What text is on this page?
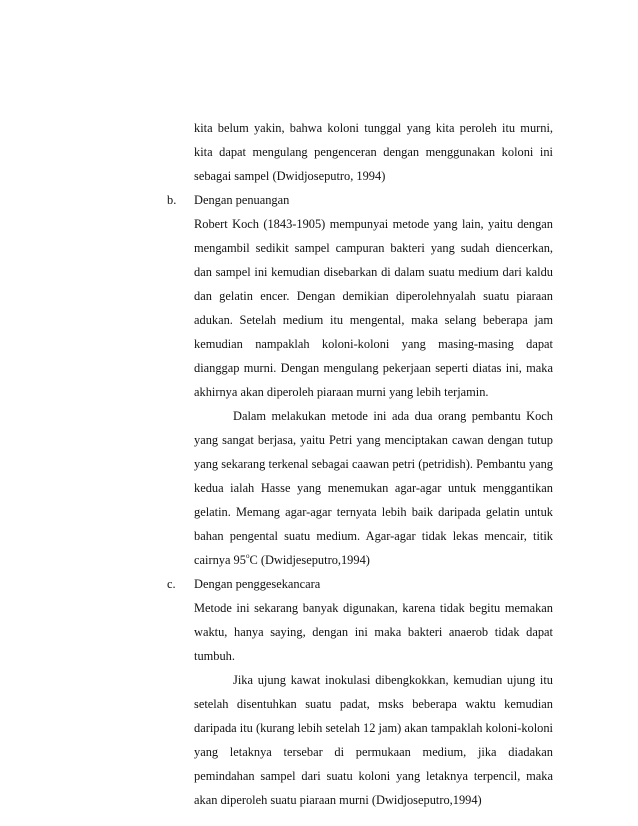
kita belum yakin, bahwa koloni tunggal yang kita peroleh itu murni, kita dapat mengulang pengenceran dengan menggunakan koloni ini sebagai sampel (Dwidjoseputro, 1994)

b. Dengan penuangan

Robert Koch (1843-1905) mempunyai metode yang lain, yaitu dengan mengambil sedikit sampel campuran bakteri yang sudah diencerkan, dan sampel ini kemudian disebarkan di dalam suatu medium dari kaldu dan gelatin encer. Dengan demikian diperolehnyalah suatu piaraan adukan. Setelah medium itu mengental, maka selang beberapa jam kemudian nampaklah koloni-koloni yang masing-masing dapat dianggap murni. Dengan mengulang pekerjaan seperti diatas ini, maka akhirnya akan diperoleh piaraan murni yang lebih terjamin.

Dalam melakukan metode ini ada dua orang pembantu Koch yang sangat berjasa, yaitu Petri yang menciptakan cawan dengan tutup yang sekarang terkenal sebagai caawan petri (petridish). Pembantu yang kedua ialah Hasse yang menemukan agar-agar untuk menggantikan gelatin. Memang agar-agar ternyata lebih baik daripada gelatin untuk bahan pengental suatu medium. Agar-agar tidak lekas mencair, titik cairnya 95$^o$C (Dwidjeseputro,1994)

c. Dengan penggesekancara

Metode ini sekarang banyak digunakan, karena tidak begitu memakan waktu, hanya saying, dengan ini maka bakteri anaerob tidak dapat tumbuh.

Jika ujung kawat inokulasi dibengkokkan, kemudian ujung itu setelah disentuhkan suatu padat, msks beberapa waktu kemudian daripada itu (kurang lebih setelah 12 jam) akan tampaklah koloni-koloni yang letaknya tersebar di permukaan medium, jika diadakan pemindahan sampel dari suatu koloni yang letaknya terpencil, maka akan diperoleh suatu piaraan murni (Dwidjoseputro,1994)
